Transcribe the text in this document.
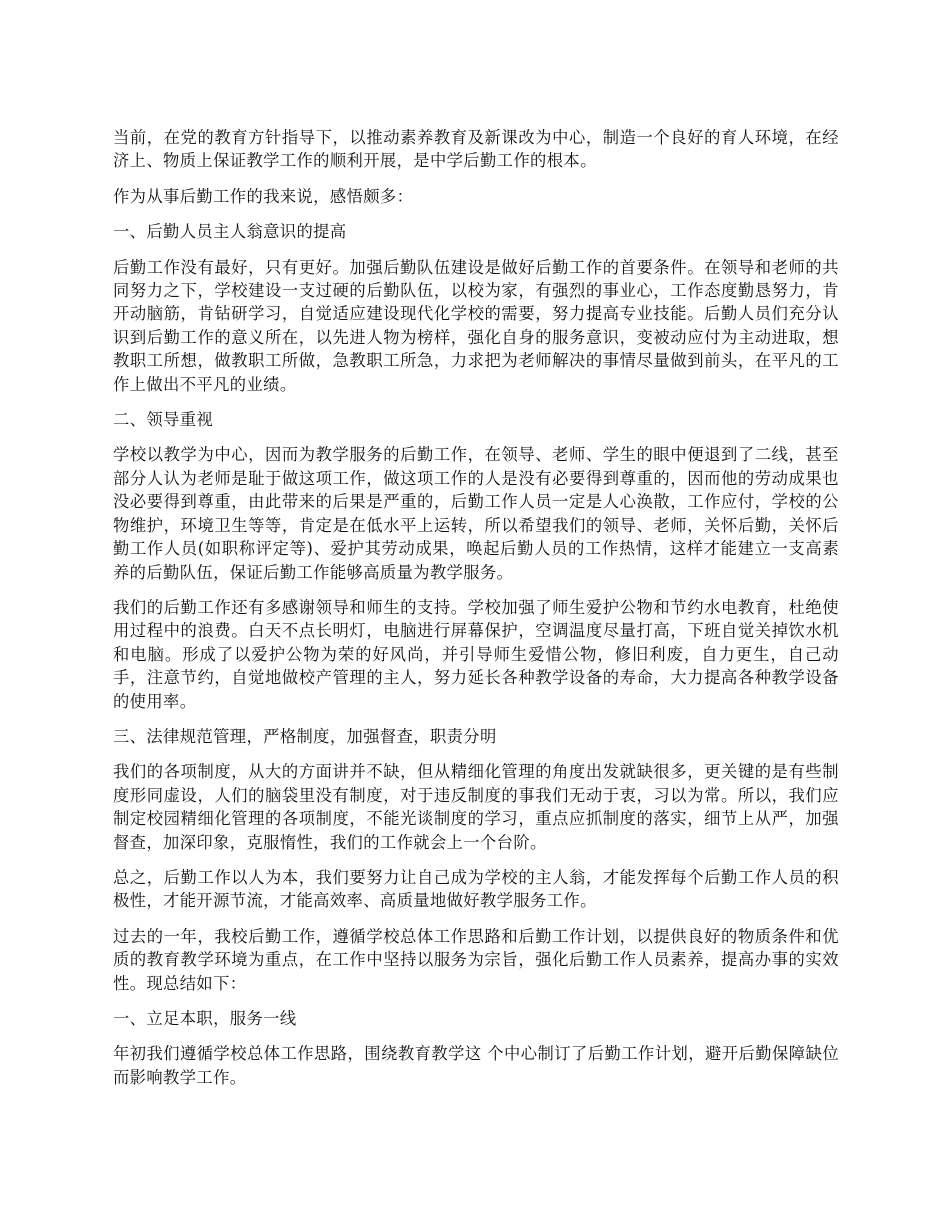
当前，在党的教育方针指导下，以推动素养教育及新课改为中心，制造一个良好的育人环境，在经济上、物质上保证教学工作的顺利开展，是中学后勤工作的根本。

作为从事后勤工作的我来说，感悟颇多：

一、后勤人员主人翁意识的提高

后勤工作没有最好，只有更好。加强后勤队伍建设是做好后勤工作的首要条件。在领导和老师的共同努力之下，学校建设一支过硬的后勤队伍，以校为家，有强烈的事业心，工作态度勤恳努力，肯开动脑筋，肯钻研学习，自觉适应建设现代化学校的需要，努力提高专业技能。后勤人员们充分认识到后勤工作的意义所在，以先进人物为榜样，强化自身的服务意识，变被动应付为主动进取，想教职工所想，做教职工所做，急教职工所急，力求把为老师解决的事情尽量做到前头，在平凡的工作上做出不平凡的业绩。

二、领导重视

学校以教学为中心，因而为教学服务的后勤工作，在领导、老师、学生的眼中便退到了二线，甚至部分人认为老师是耻于做这项工作，做这项工作的人是没有必要得到尊重的，因而他的劳动成果也没必要得到尊重，由此带来的后果是严重的，后勤工作人员一定是人心涣散，工作应付，学校的公物维护，环境卫生等等，肯定是在低水平上运转，所以希望我们的领导、老师，关怀后勤，关怀后勤工作人员(如职称评定等)、爱护其劳动成果，唤起后勤人员的工作热情，这样才能建立一支高素养的后勤队伍，保证后勤工作能够高质量为教学服务。

我们的后勤工作还有多感谢领导和师生的支持。学校加强了师生爱护公物和节约水电教育，杜绝使用过程中的浪费。白天不点长明灯，电脑进行屏幕保护，空调温度尽量打高，下班自觉关掉饮水机和电脑。形成了以爱护公物为荣的好风尚，并引导师生爱惜公物，修旧利废，自力更生，自己动手，注意节约，自觉地做校产管理的主人，努力延长各种教学设备的寿命，大力提高各种教学设备的使用率。

三、法律规范管理，严格制度，加强督查，职责分明

我们的各项制度，从大的方面讲并不缺，但从精细化管理的角度出发就缺很多，更关键的是有些制度形同虚设，人们的脑袋里没有制度，对于违反制度的事我们无动于衷，习以为常。所以，我们应制定校园精细化管理的各项制度，不能光谈制度的学习，重点应抓制度的落实，细节上从严，加强督查，加深印象，克服惰性，我们的工作就会上一个台阶。

总之，后勤工作以人为本，我们要努力让自己成为学校的主人翁，才能发挥每个后勤工作人员的积极性，才能开源节流，才能高效率、高质量地做好教学服务工作。

过去的一年，我校后勤工作，遵循学校总体工作思路和后勤工作计划，以提供良好的物质条件和优质的教育教学环境为重点，在工作中坚持以服务为宗旨，强化后勤工作人员素养，提高办事的实效性。现总结如下：

一、立足本职，服务一线

年初我们遵循学校总体工作思路，围绕教育教学这 个中心制订了后勤工作计划，避开后勤保障缺位而影响教学工作。
